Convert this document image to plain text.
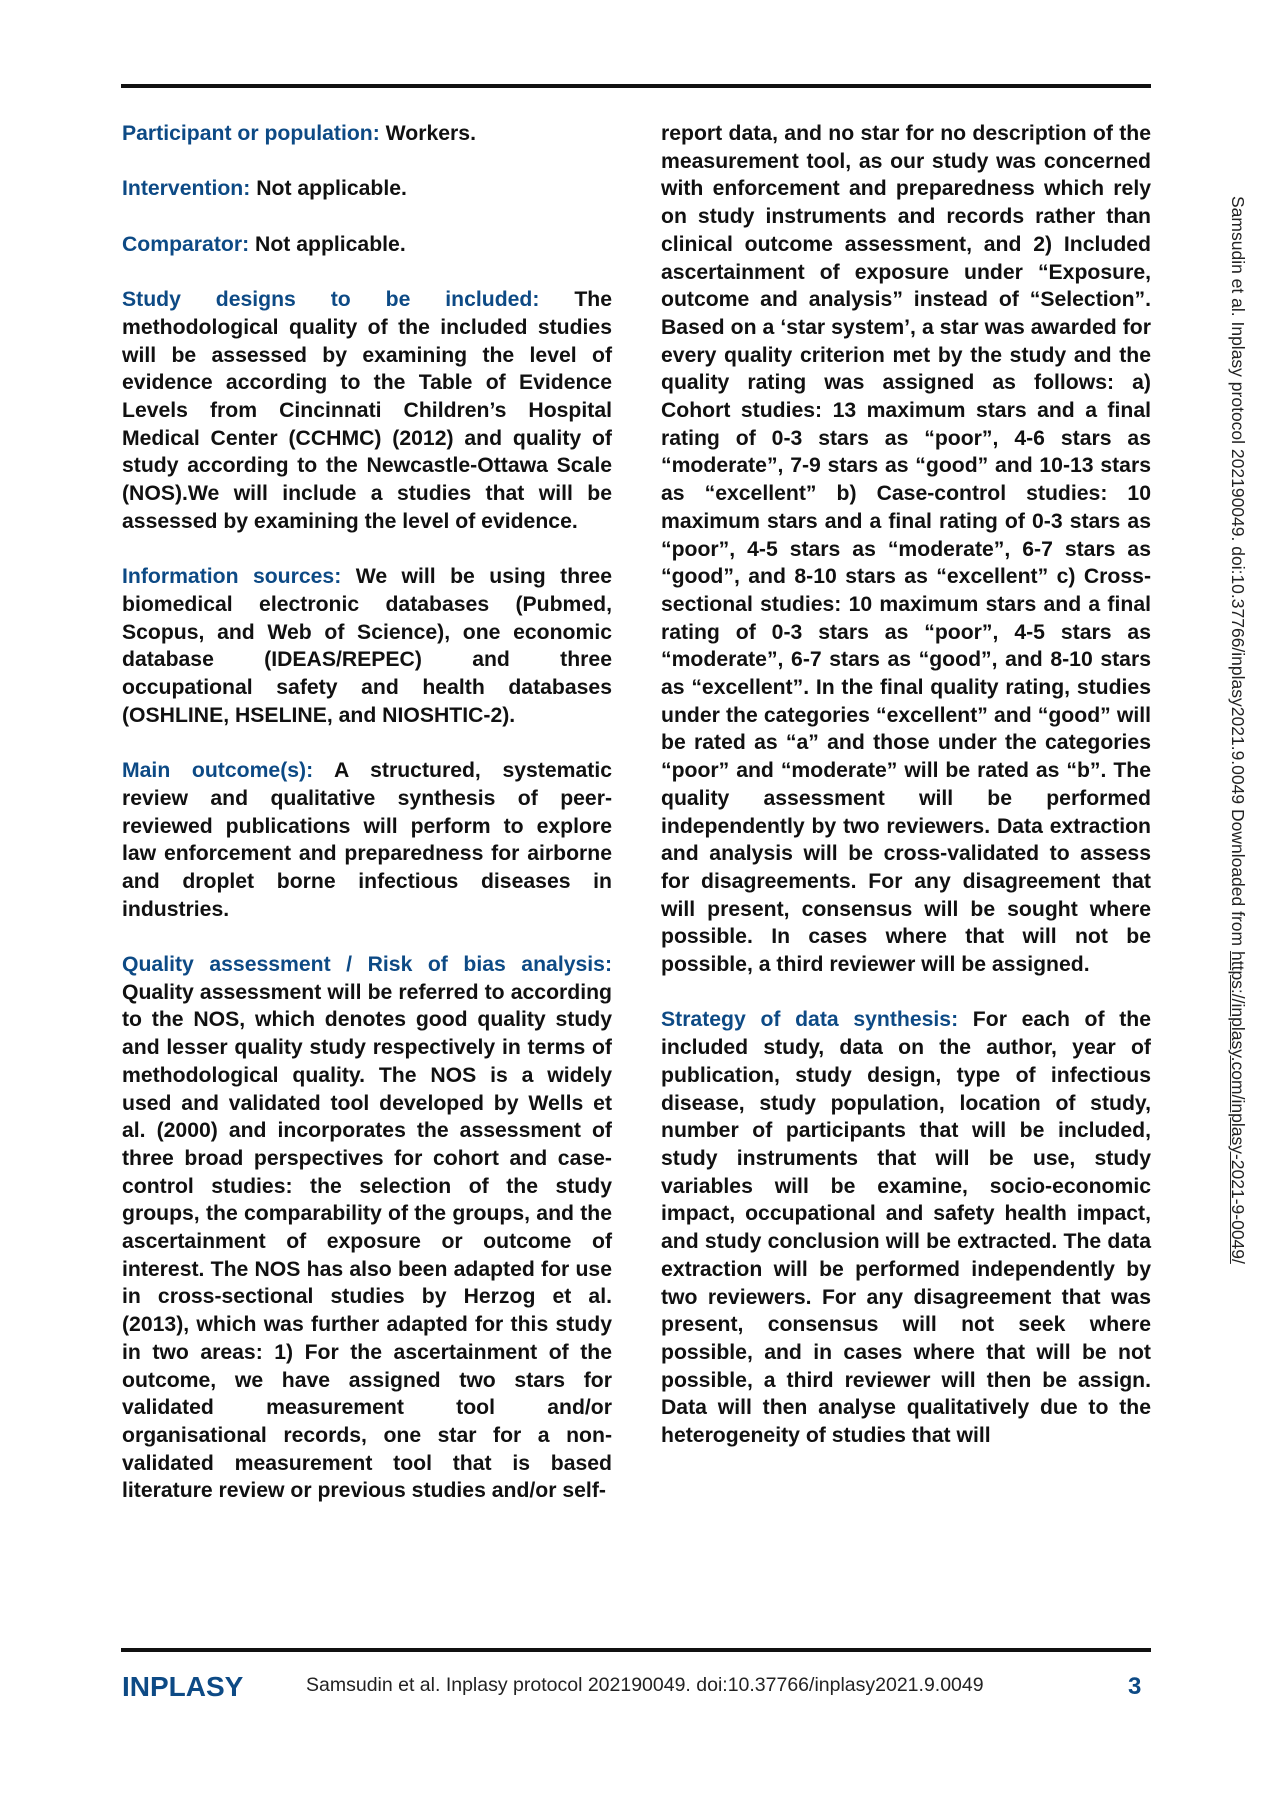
Participant or population: Workers.

Intervention: Not applicable.

Comparator: Not applicable.

Study designs to be included: The methodological quality of the included studies will be assessed by examining the level of evidence according to the Table of Evidence Levels from Cincinnati Children’s Hospital Medical Center (CCHMC) (2012) and quality of study according to the Newcastle-Ottawa Scale (NOS).We will include a studies that will be assessed by examining the level of evidence.

Information sources: We will be using three biomedical electronic databases (Pubmed, Scopus, and Web of Science), one economic database (IDEAS/REPEC) and three occupational safety and health databases (OSHLINE, HSELINE, and NIOSHTIC-2).

Main outcome(s): A structured, systematic review and qualitative synthesis of peer-reviewed publications will perform to explore law enforcement and preparedness for airborne and droplet borne infectious diseases in industries.

Quality assessment / Risk of bias analysis: Quality assessment will be referred to according to the NOS, which denotes good quality study and lesser quality study respectively in terms of methodological quality. The NOS is a widely used and validated tool developed by Wells et al. (2000) and incorporates the assessment of three broad perspectives for cohort and case-control studies: the selection of the study groups, the comparability of the groups, and the ascertainment of exposure or outcome of interest. The NOS has also been adapted for use in cross-sectional studies by Herzog et al. (2013), which was further adapted for this study in two areas: 1) For the ascertainment of the outcome, we have assigned two stars for validated measurement tool and/or organisational records, one star for a non-validated measurement tool that is based literature review or previous studies and/or self-

report data, and no star for no description of the measurement tool, as our study was concerned with enforcement and preparedness which rely on study instruments and records rather than clinical outcome assessment, and 2) Included ascertainment of exposure under “Exposure, outcome and analysis” instead of “Selection”. Based on a ‘star system’, a star was awarded for every quality criterion met by the study and the quality rating was assigned as follows: a) Cohort studies: 13 maximum stars and a final rating of 0-3 stars as “poor”, 4-6 stars as “moderate”, 7-9 stars as “good” and 10-13 stars as “excellent” b) Case-control studies: 10 maximum stars and a final rating of 0-3 stars as “poor”, 4-5 stars as “moderate”, 6-7 stars as “good”, and 8-10 stars as “excellent” c) Cross-sectional studies: 10 maximum stars and a final rating of 0-3 stars as “poor”, 4-5 stars as “moderate”, 6-7 stars as “good”, and 8-10 stars as “excellent”. In the final quality rating, studies under the categories “excellent” and “good” will be rated as “a” and those under the categories “poor” and “moderate” will be rated as “b”. The quality assessment will be performed independently by two reviewers. Data extraction and analysis will be cross-validated to assess for disagreements. For any disagreement that will present, consensus will be sought where possible. In cases where that will not be possible, a third reviewer will be assigned.

Strategy of data synthesis: For each of the included study, data on the author, year of publication, study design, type of infectious disease, study population, location of study, number of participants that will be included, study instruments that will be use, study variables will be examine, socio-economic impact, occupational and safety health impact, and study conclusion will be extracted. The data extraction will be performed independently by two reviewers. For any disagreement that was present, consensus will not seek where possible, and in cases where that will be not possible, a third reviewer will then be assign. Data will then analyse qualitatively due to the heterogeneity of studies that will

Samsudin et al. Inplasy protocol 202190049. doi:10.37766/inplasy2021.9.0049 Downloaded from https://inplasy.com/inplasy-2021-9-0049/
INPLASY	Samsudin et al. Inplasy protocol 202190049. doi:10.37766/inplasy2021.9.0049	3
